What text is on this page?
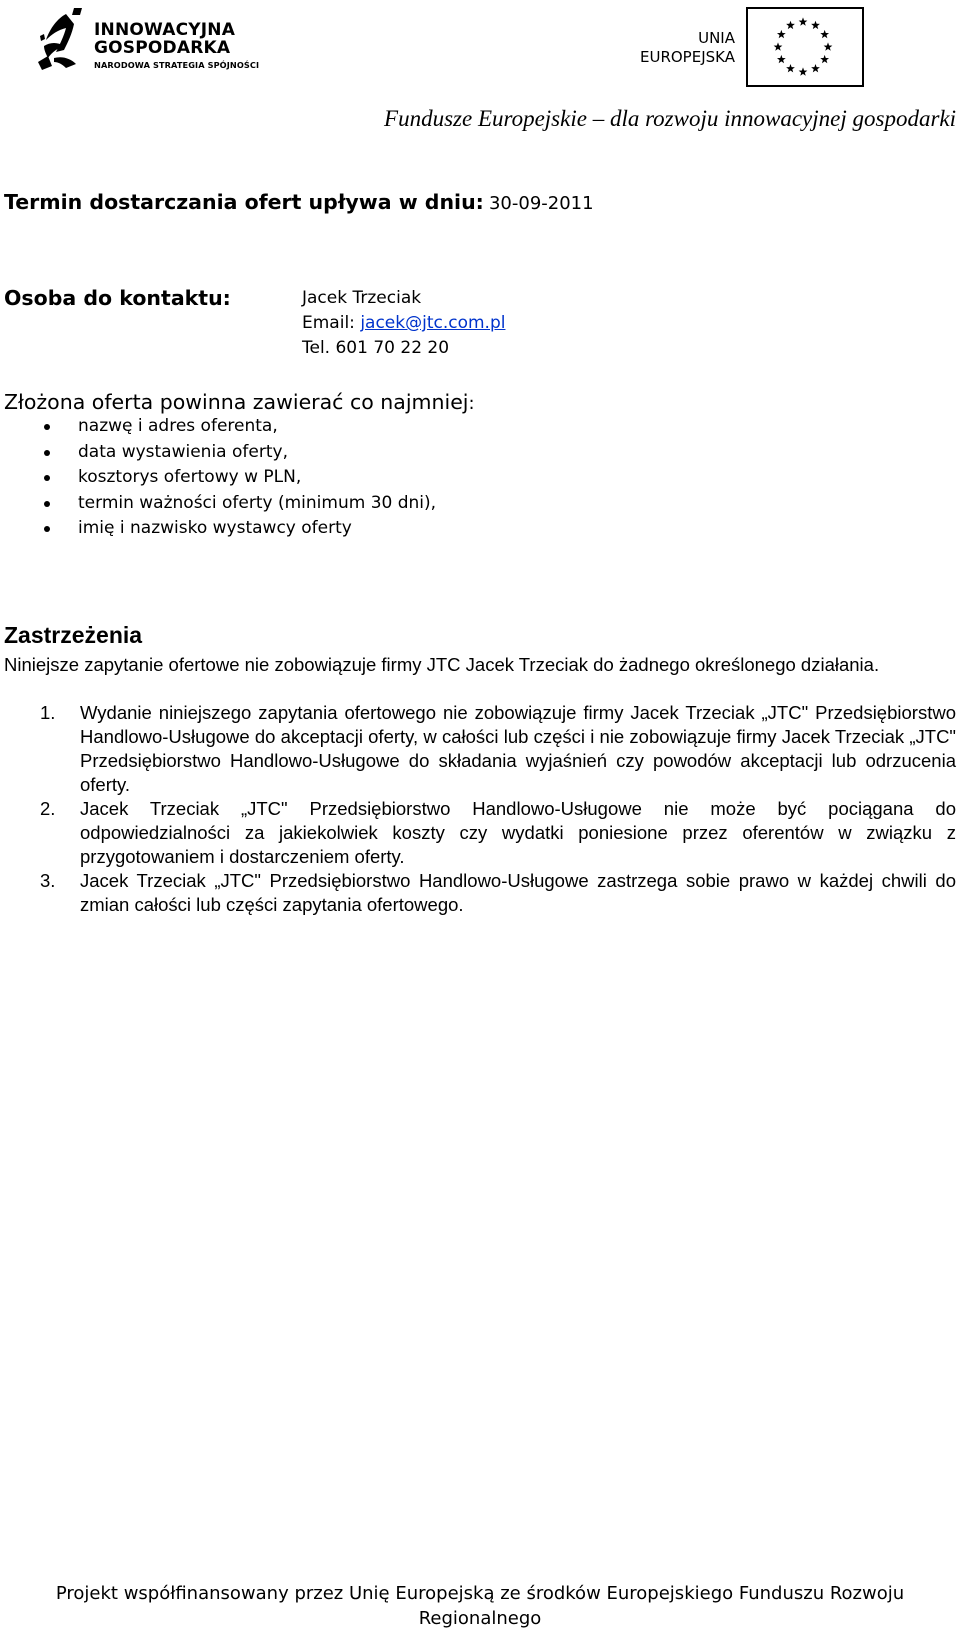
INNOWACYJNA
GOSPODARKA
NARODOWA STRATEGIA SPÓJNOŚCI
UNIA
EUROPEJSKA
Fundusze Europejskie – dla rozwoju innowacyjnej gospodarki
Termin dostarczania ofert upływa w dniu: 30-09-2011
Osoba do kontaktu:	Jacek Trzeciak
Email: jacek@jtc.com.pl
Tel. 601 70 22 20
Złożona oferta powinna zawierać co najmniej:
nazwę i adres oferenta,
data wystawienia oferty,
kosztorys ofertowy w PLN,
termin ważności oferty (minimum 30 dni),
imię i nazwisko wystawcy oferty
Zastrzeżenia
Niniejsze zapytanie ofertowe nie zobowiązuje firmy JTC Jacek Trzeciak do żadnego określonego działania.
1. Wydanie niniejszego zapytania ofertowego nie zobowiązuje firmy Jacek Trzeciak „JTC" Przedsiębiorstwo Handlowo-Usługowe do akceptacji oferty, w całości lub części i nie zobowiązuje firmy Jacek Trzeciak „JTC" Przedsiębiorstwo Handlowo-Usługowe do składania wyjaśnień czy powodów akceptacji lub odrzucenia oferty.
2. Jacek Trzeciak „JTC" Przedsiębiorstwo Handlowo-Usługowe nie może być pociągana do odpowiedzialności za jakiekolwiek koszty czy wydatki poniesione przez oferentów w związku z przygotowaniem i dostarczeniem oferty.
3. Jacek Trzeciak „JTC" Przedsiębiorstwo Handlowo-Usługowe zastrzega sobie prawo w każdej chwili do zmian całości lub części zapytania ofertowego.
Projekt współfinansowany przez Unię Europejską ze środków Europejskiego Funduszu Rozwoju Regionalnego
